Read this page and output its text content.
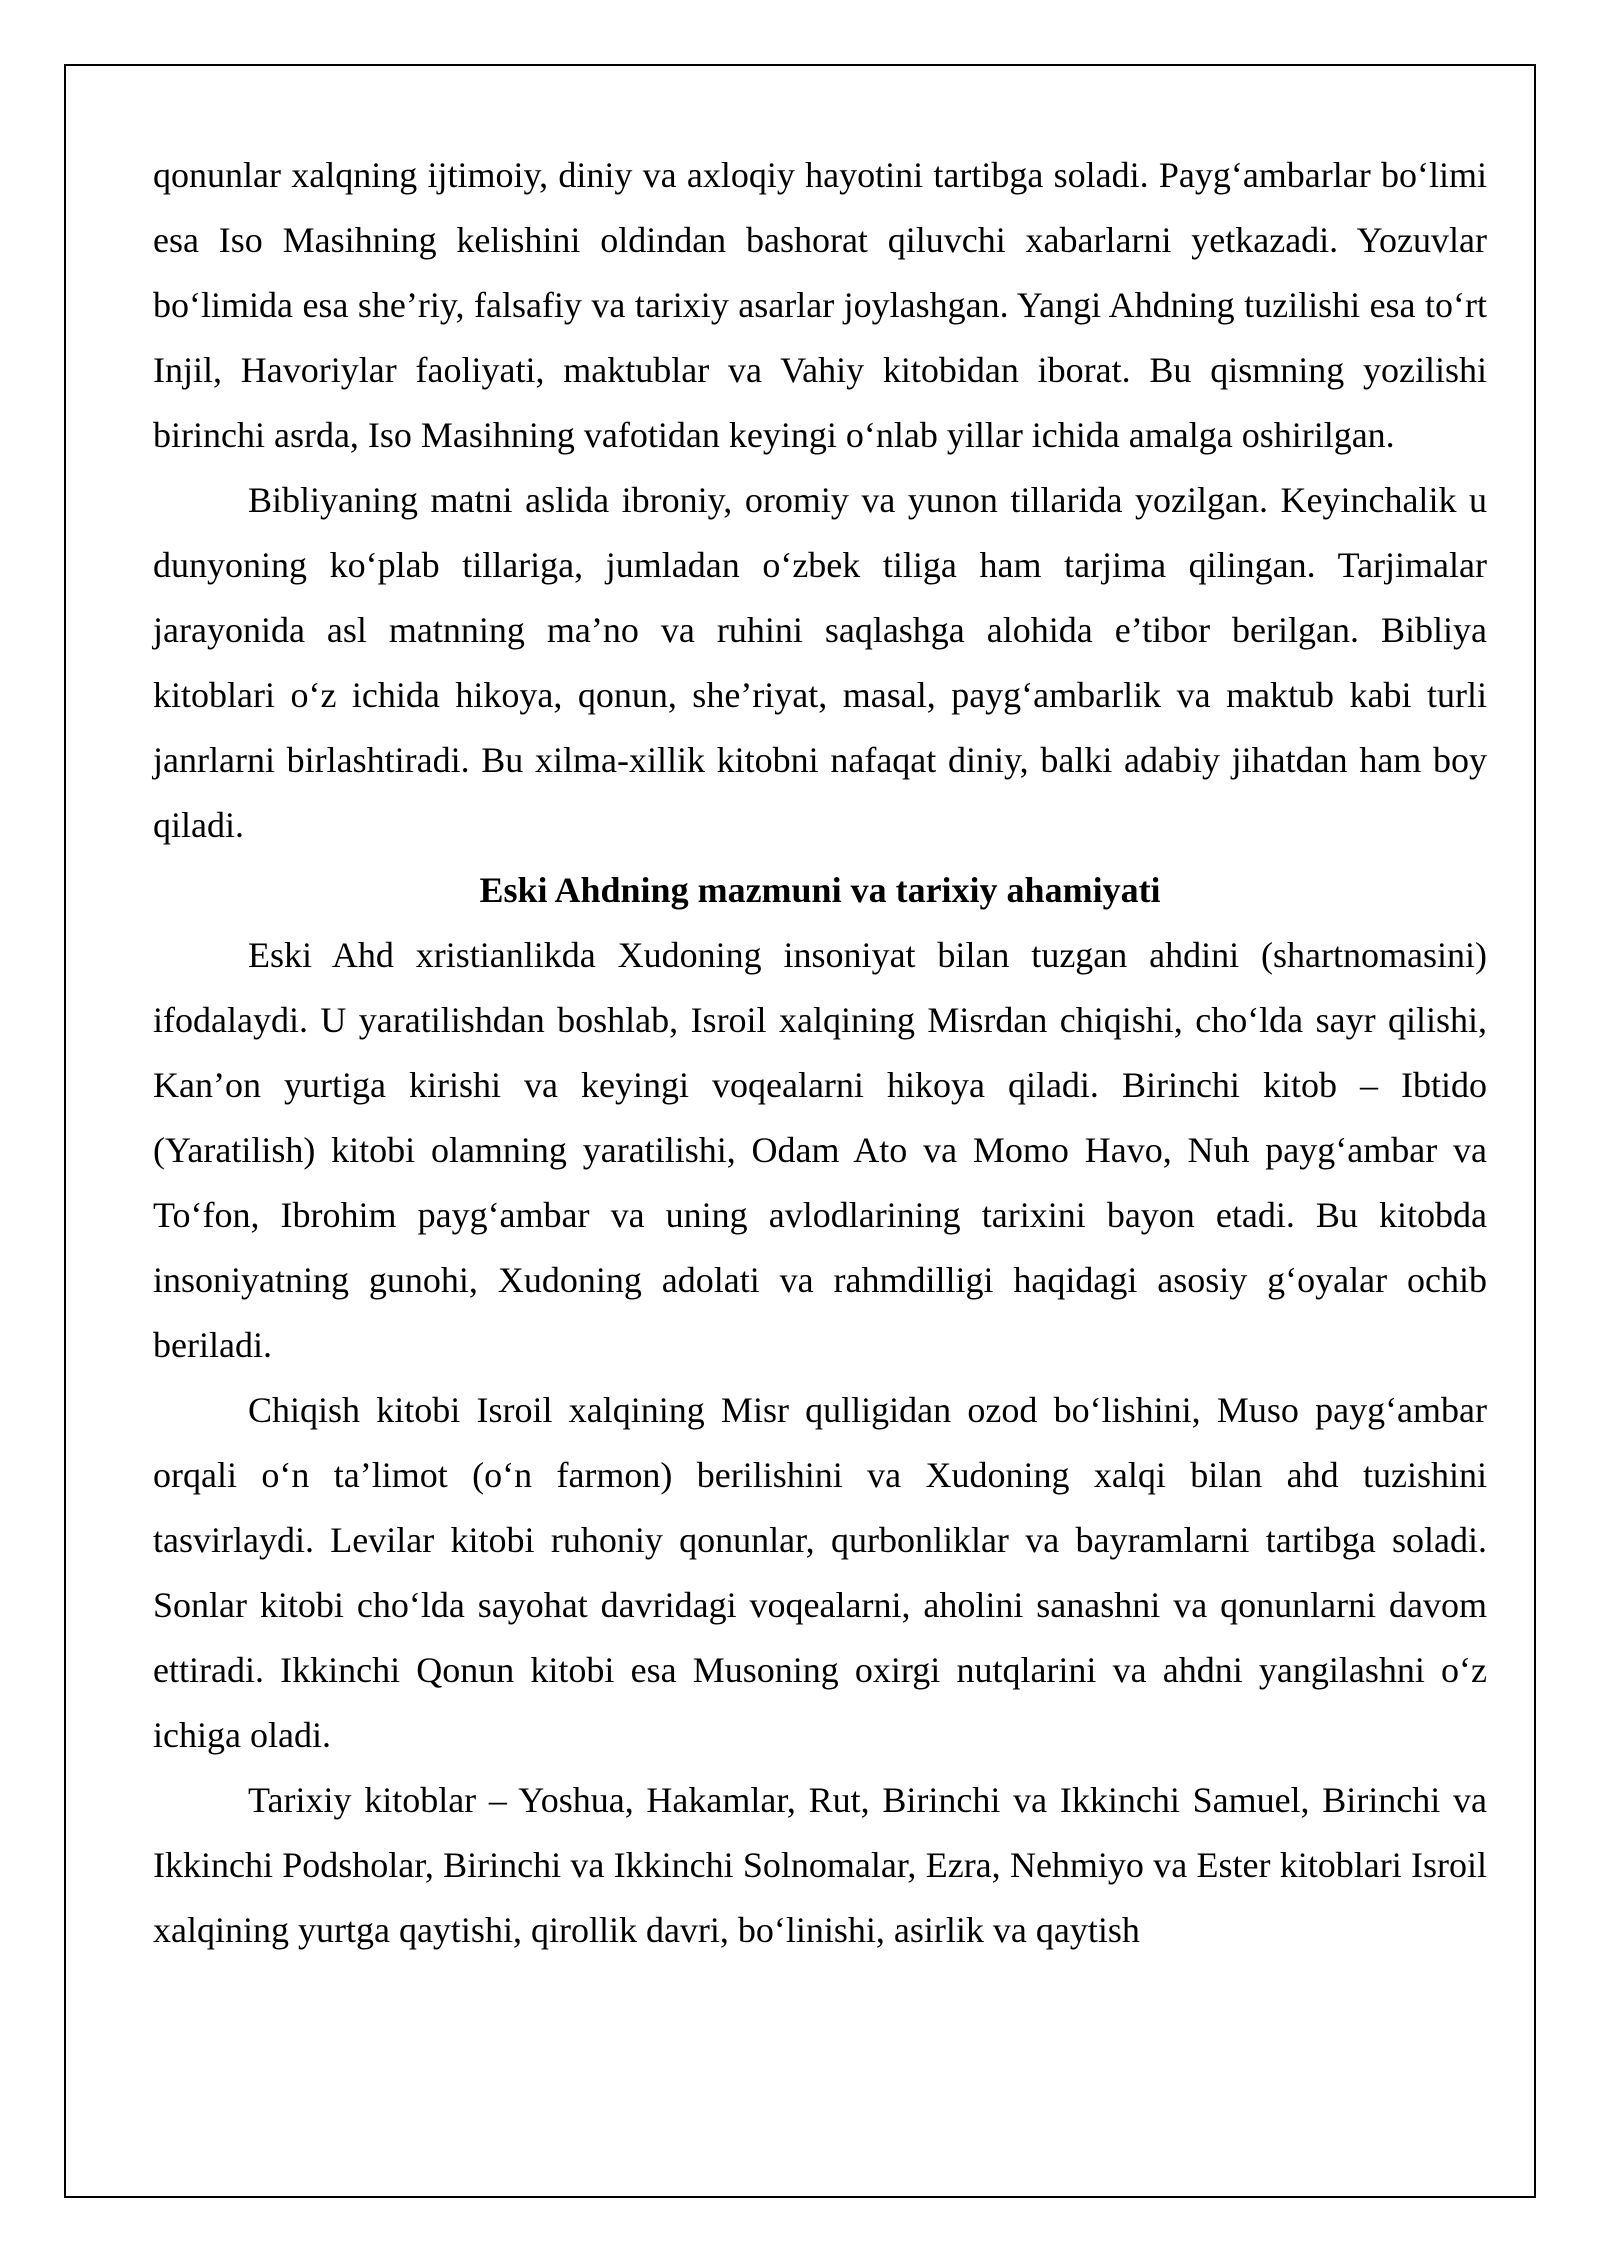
qonunlar xalqning ijtimoiy, diniy va axloqiy hayotini tartibga soladi. Payg‘ambarlar bo‘limi esa Iso Masihning kelishini oldindan bashorat qiluvchi xabarlarni yetkazadi. Yozuvlar bo‘limida esa she’riy, falsafiy va tarixiy asarlar joylashgan. Yangi Ahdning tuzilishi esa to‘rt Injil, Havoriylar faoliyati, maktublar va Vahiy kitobidan iborat. Bu qismning yozilishi birinchi asrda, Iso Masihning vafotidan keyingi o‘nlab yillar ichida amalga oshirilgan.

Bibliyaning matni aslida ibroniy, oromiy va yunon tillarida yozilgan. Keyinchalik u dunyoning ko‘plab tillariga, jumladan o‘zbek tiliga ham tarjima qilingan. Tarjimalar jarayonida asl matnning ma’no va ruhini saqlashga alohida e’tibor berilgan. Bibliya kitoblari o‘z ichida hikoya, qonun, she’riyat, masal, payg‘ambarlik va maktub kabi turli janrlarni birlashtiradi. Bu xilma-xillik kitobni nafaqat diniy, balki adabiy jihatdan ham boy qiladi.

Eski Ahdning mazmuni va tarixiy ahamiyati

Eski Ahd xristianlikda Xudoning insoniyat bilan tuzgan ahdini (shartnomasini) ifodalaydi. U yaratilishdan boshlab, Isroil xalqining Misrdan chiqishi, cho‘lda sayr qilishi, Kan’on yurtiga kirishi va keyingi voqealarni hikoya qiladi. Birinchi kitob – Ibtido (Yaratilish) kitobi olamning yaratilishi, Odam Ato va Momo Havo, Nuh payg‘ambar va To‘fon, Ibrohim payg‘ambar va uning avlodlarining tarixini bayon etadi. Bu kitobda insoniyatning gunohi, Xudoning adolati va rahmdilligi haqidagi asosiy g‘oyalar ochib beriladi.

Chiqish kitobi Isroil xalqining Misr qulligidan ozod bo‘lishini, Muso payg‘ambar orqali o‘n ta’limot (o‘n farmon) berilishini va Xudoning xalqi bilan ahd tuzishini tasvirlaydi. Levilar kitobi ruhoniy qonunlar, qurbonliklar va bayramlarni tartibga soladi. Sonlar kitobi cho‘lda sayohat davridagi voqealarni, aholini sanashni va qonunlarni davom ettiradi. Ikkinchi Qonun kitobi esa Musoning oxirgi nutqlarini va ahdni yangilashni o‘z ichiga oladi.

Tarixiy kitoblar – Yoshua, Hakamlar, Rut, Birinchi va Ikkinchi Samuel, Birinchi va Ikkinchi Podsholar, Birinchi va Ikkinchi Solnomalar, Ezra, Nehmiyo va Ester kitoblari Isroil xalqining yurtga qaytishi, qirollik davri, bo‘linishi, asirlik va qaytish
